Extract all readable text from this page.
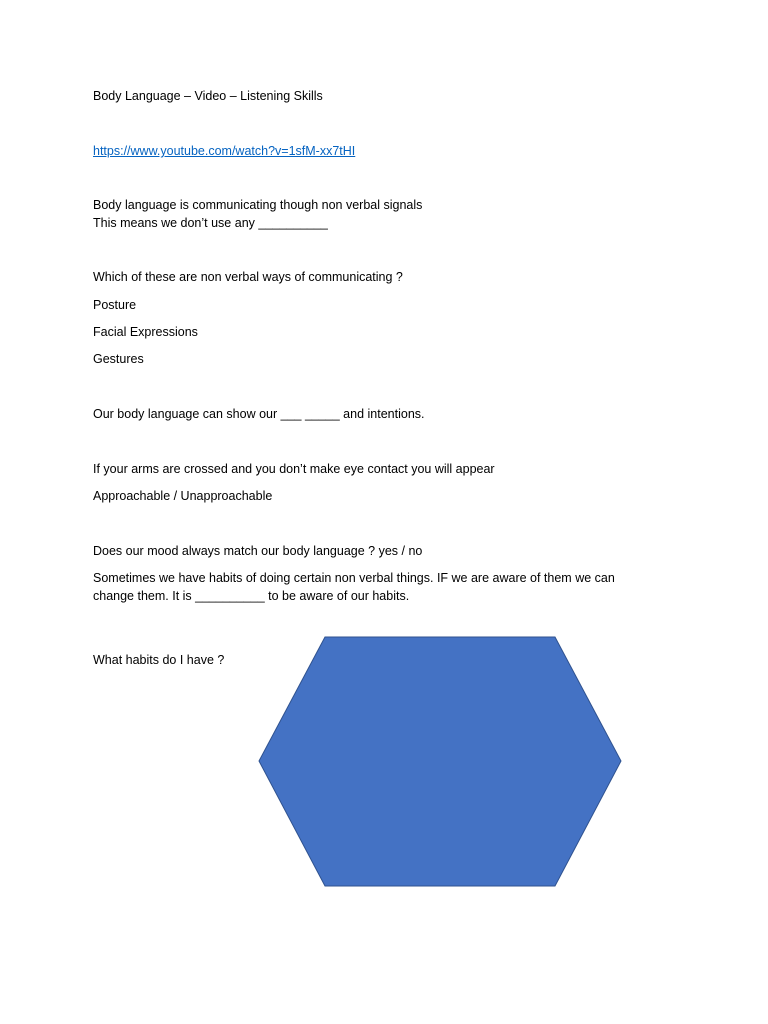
Body Language – Video – Listening Skills
https://www.youtube.com/watch?v=1sfM-xx7tHI
Body language is communicating though non verbal signals
This means we don’t use any __________
Which of these are non verbal ways of communicating ?
Posture
Facial Expressions
Gestures
Our body language can show our ___ _____ and intentions.
If your arms are crossed and you don’t make eye contact you will appear
Approachable / Unapproachable
Does our mood always match our body language ? yes / no
Sometimes we have habits of doing certain non verbal things. IF we are aware of them we can
change them. It is __________ to be aware of our habits.
What habits do I have ?
